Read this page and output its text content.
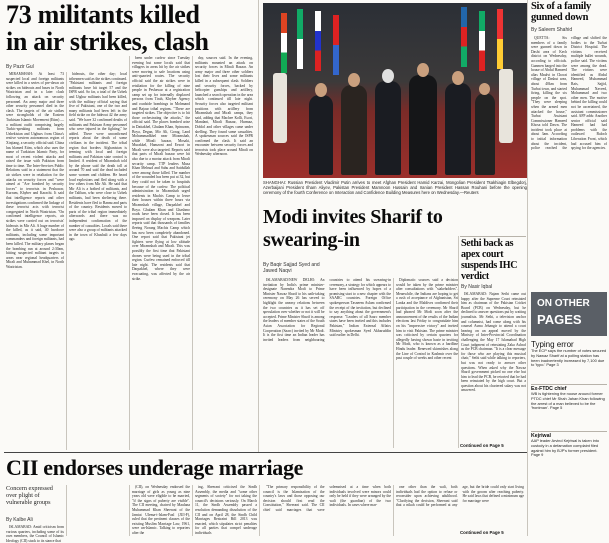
73 militants killed
in air strikes, clash
By Pazir Gul

MIRAMSHAH: At least 73 suspected local and foreign militants were killed in a series of pre-dawn air strikes on hideouts and bases in North Waziristan and in a later clash following an attack on security personnel. An army major and three other security personnel died in the clash. The targets of the air strikes were strongholds of the Eastern Turkistan Islamic Movement (Etim) — a militant outfit comprising largely Turkic-speaking militants from Uzbekistan and Uighurs from China's restive western autonomous region of Xinjiang, a security official said. China has blamed Etim, which also uses the name of Turkistan Islamic Party, for most of recent violent attacks and raised the issue with Pakistan from time to time. The Inter-Services Public Relations said in a statement that the air strikes were in retaliation for the attacks on security forces and "were aimed at "Are bombed by security forces" to terrorists in Peshawar, Kurram, Khyber and Karachi. It said that intelligence reports and other investigations confirmed the linkage of these terrorist acts with terrorist congregated in North Waziristan. "On confirmed intelligence reports, air strikes were carried out on terrorists' hideouts in Mir Ali. A huge number of the killed, as it said, 40 hardcore militants, including some important commanders and foreign militants, had been killed. The military planes began the bombing run at around 2:30am, hitting suspected militant targets in areas near regional headquarters of Mirali and Muhammad Khel, in North Waziristan.

hideouts, the other day; local tribesmen said as the strikes continued. "Pakistani militants and foreign militants have hit target 57 and the ISPR said. So far, a total of the Uzbek and Uighur militants had been killed, with the military official saying that five of Pakistani, one of the two and many militants had been left in the field strike on the hideout 42 the army said. "We have 32 confirmed deaths of militants and Pakistan Army personnel who were injured in the fighting," he added. There were unconfirmed reports about the death of some civilians in the incident. The tribal region that borders Afghanistan is teeming with local and foreign militants and Pakistan state control is limited. A resident of Miranshah told by the phone said the death toll at around 70 and said the dead included some women and children. He heard loud explosions and fled along with a few others from Mir Ali. He said that Mir Ali is a hotbed of militants, and the Taliban, who were close to Uzbek militants, had been sheltering there. Residents have fled to Bannu and parts of the country. Residents moved to parts of the tribal region immediately afterwards and there was no independent confirmation of the number of casualties. Locals said there were also a group of militants attacked in the town of Khushali a few days ago.

been under curfew since Tuesday evening but some locals said that villagers in areas hit by the air strikes were moving to safe locations using anti-quarried routes. The security official said the air strikes were in retaliation for the killing of nine people in Peshawar at a registration camp set up for internally displaced persons from Tirah, Khyber Agency and roadside bombings in Mohmand and Bajaur tribal regions. "These are targeted strikes. The objective is to hit those orchestrating the attacks," the official said. The places bombed arise in Dattakhel, Ghulam Khan, Spinwam, Boya, Degan, Mir Ali, Gorag, Land Mohammadkhel near Miramshah, while Mirali bazaar, Mosaki, Murakkel, Hamzoni and Eesori in Mirali were also targeted. Reports said that parts of Mirali bazaar were hit also due to a mortar attack from Mirali security camp. TTP leaders Musa Khan Mehsud and Sahu and Saidullah were among those killed. The number of the wounded has been put at 32, but they could not be taken to hospitals because of the curfew. The political administration in Miramshah urged residents in Machis Camp to leave their houses within three hours via Miramshah village, Darpakhel and Boya. Ghulam Khan and Ghashmo roads have been closed. It has been imposed on display of weapons. Later reports said that thousands of families fleeing Norang Machis Camp which has now been completely abandoned. One report said that Pakistani jet fighters were flying at low altitude over Miramshah and Mirali. This was possibly the first time that Pakistani drones were being used in the tribal region. Curfew remained enforced till late night. The residents said that Darpakhel, where they were evacuating, was affected by the air strike.

day, sources said. In the evening, militants mounted an attack on security forces in Mirali Bazaar. An army major and three other soldiers lost their lives and some militants killed in a subsequent clash. Soldiers and security forces, backed by helicopter gunships and artillery, launched a search operation in the area which continued till late night. Security forces also targeted militant positions with artillery from Miramshah and Mirali camps, they said, adding that Machee Kolli, Esori, Mandani, Mirali Bazaar, Hurmaz, Doblol and other villages came under shelling. They found some casualties. A spokesman sources said the ISPR confirmed the clash. It said an encounter between security forces and terrorists took place around Mirali on Wednesday afternoon.

SHANGHAI: Russian President Vladimir Putin arrives to meet Afghan President Hamid Karzai, Mongolian President Tsakhiagin Elbegdorj, Azerbaijani President Ilham Aliyev, Pakistan President Mamnoon Hussain and Iranian President Hassan Rouhani before the opening ceremony of the fourth Conference on Interaction and Confidence Building Measures here on Wednesday.—Reuters
Modi invites Sharif to swearing-in
By Baqir Sajjad Syed and
Jawed Naqvi

ISLAMABAD/NEW DELHI: An invitation by India's prime minister-designate Narendra Modi to Prime Minister Nawaz Sharif to his oath-taking ceremony on May 26 has served to highlight the uneasy relations between the two countries as it has set off speculation over whether or not it will be accepted. Prime Minister Sharif is among the leaders of member states of the South Asian Association for Regional Cooperation (Saarc) invited by Mr Modi. It is the first time an Indian leader has invited leaders from neighbouring countries to attend his swearing-in ceremony, a strategy for which appears to have been influenced by hopes of a promising start to a new chapter with the SAARC countries. Foreign Office spokesperson Tasneem Aslam confirmed the receipt of the invitation, but declined to say anything about the government's response. "Leaders of all Saarc member states have been invited and this includes Pakistan," Indian External Affairs Ministry spokesman Syed Akbaruddin said earlier in Delhi.

Diplomatic sources said a decision would be taken by the prime minister after consultations with "stakeholders". Meanwhile, the Indians are hoping to get a rush of acceptance of Afghanistan, Sri Lanka and the Maldives confirmed their participation in the ceremony. Mr Sharif had phoned Mr Modi soon after the announcement of the results of the Indian elections last Friday to congratulate him on his "impressive victory" and invited him to visit Pakistan. The prime minister was criticised by certain quarters for allegedly having shown haste in inviting Mr Modi, who is known as a hardline Hindu leader. Renewed skirmishes along the Line of Control in Kashmir over the past couple of weeks and other recent

Continued on Page 5
Sethi back as apex court suspends IHC verdict
By Nasir Iqbal
Six of a family gunned down
By Saleem Shahid

QUETTA: Six members of a family were gunned down in Dasht area of Kech district on Wednesday, according to officials. Gunmen barged into the house of Abdul Hameed alias Maulvi in Chorai village of Dashut area, about 40km from Turbat town, and started firing, killing the six people on the spot. "They were sleeping when the armed men attacked the house," Turbat Assistant Commissioner Hameed Khosa told Dawn. The incident took place at about 3am. According to initial information about the incident, police reached the village and shifted the bodies to the Turbat District Hospital. The victims received multiple bullet wounds, police said. The victims were among the dead. The victims were identified as Abdul Hameed, Muhammad Rais, Sajjid, Muhammad Naveed, Mohammad and two other men. The motive behind the killing could not be ascertained, the assistant commissioner said. AFP adds: Another senior official said Hameed had had problems with the outlawed Baloch Liberation Front, which had accused him of spying for the agencies.

ON OTHER
PAGES
Typing error
The ECP says the number of votes secured by Nawaz Sharif at a polling station has been inadvertently increased by 7,100 due to 'typo.' Page 3
Ex-FTDC chief
WB is tightening the noose around former PTDC chief Mr Shah Jahan Khan following the arrest of a man believed to be the 'frontman'. Page 5
Kejriwal
AAP leader Arvind Kejriwal is taken into custody in a defamation complaint filed against him by BJP's former president. Page 9
CII endorses underage marriage
Concern expressed over plight of vulnerable groups
By Kalbe Ali

ISLAMABAD: Amid criticism from various quarters, including some of its own members, the Council of Islamic Ideology (CII) stuck to its stance that

(CII), on Wednesday endorsed the marriage of girls as young as nine years old were eligible to be married, "if the signs of puberty are visible". The CII meeting, chaired by Maulana Muhammad Khan Sheerani of the Jamiat Ulema-i-Islam-Fazl (JUI-F), ruled that the pertinent clauses of the existing Muslim Marriage Law, 1961, were un-Islamic. Talking to reporters after the

ing, Sheerani criticised the Sindh Assembly, the media and "some other segments of society" for not taking the council's decisions seriously. On March 11, the Sindh Assembly passed a resolution demanding dissolution of the CII and on April 28, the Sindh Child Marriages Restraint Bill 2013 was enacted, which stipulates strict penalties for all parties that compel underage individuals

"The primary responsibility of the council is the Islamisation of the country's laws and those opposing our decision should first read the Constitution," Sheerani said. The CII chief said marriages that were solemnised at a time when both individuals involved were minors could only be held if they were arranged by the wali (the guardian) of the two individuals. In cases where mar-

one other than the wali, both individuals had the option to refuse or reconsider upon achieving adulthood. "Clarifying the decision, Sheerani said that a nikah could be performed at any age, but the bride could only start living with the groom after reaching puberty. He said laws that defined a minimum age for marriage were

Continued on Page 5

ISLAMABAD: Najam Sethi came out happy after the Supreme Court reinstated him as chairman of the Pakistan Cricket Board (PCB) on Wednesday, but he declined to answer questions put by waiting journalists. Mr Sethi, a television anchor and columnist, had come along with his counsel Asma Jehangir to attend a court hearing on an appeal moved by the Ministry of Inter-Provincial Coordination challenging the May 17 Islamabad High Court judgment of reinstating Zaka Ashraf as the PCB chairman. "It is a clear message for those who are playing this musical chair," Sethi said while talking to reporters, but was not ready to answer other questions. When asked why the Nawaz Sharif government picked no one else but him to lead the PCB, he retorted that he had been reinstated by the high court. But a question about his chartered salary was not answered.
